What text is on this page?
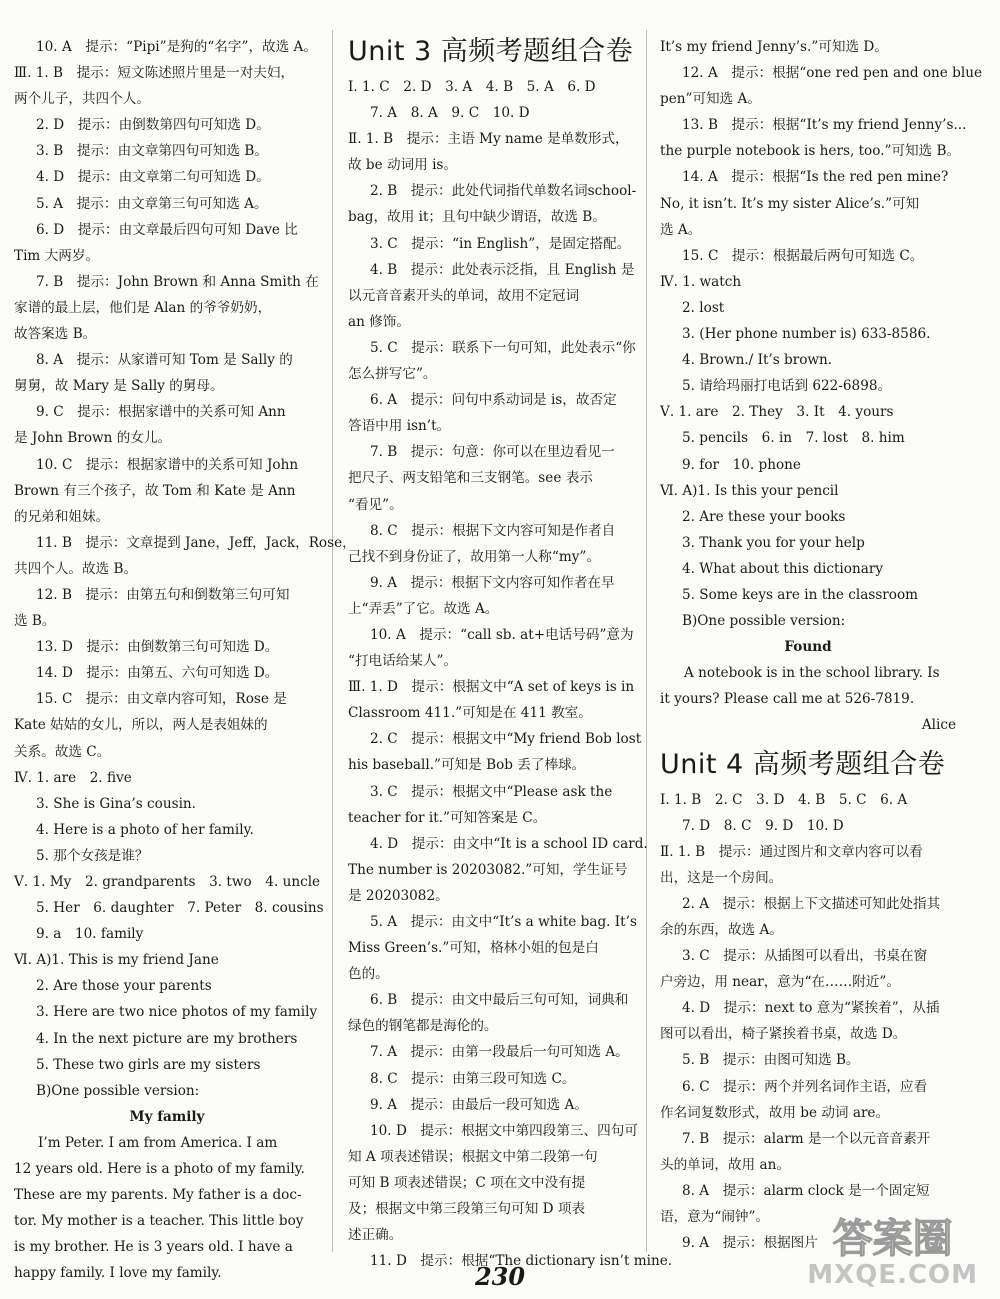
10. A　提示：“Pipi”是狗的“名字”，故选 A。
Ⅲ. 1. B　提示：短文陈述照片里是一对夫妇，
两个儿子，共四个人。
2. D　提示：由倒数第四句可知选 D。
3. B　提示：由文章第四句可知选 B。
4. D　提示：由文章第二句可知选 D。
5. A　提示：由文章第三句可知选 A。
6. D　提示：由文章最后四句可知 Dave 比
Tim 大两岁。
7. B　提示：John Brown 和 Anna Smith 在
家谱的最上层，他们是 Alan 的爷爷奶奶，
故答案选 B。
8. A　提示：从家谱可知 Tom 是 Sally 的
舅舅，故 Mary 是 Sally 的舅母。
9. C　提示：根据家谱中的关系可知 Ann
是 John Brown 的女儿。
10. C　提示：根据家谱中的关系可知 John
Brown 有三个孩子，故 Tom 和 Kate 是 Ann
的兄弟和姐妹。
11. B　提示：文章提到 Jane，Jeff，Jack，Rose，
共四个人。故选 B。
12. B　提示：由第五句和倒数第三句可知
选 B。
13. D　提示：由倒数第三句可知选 D。
14. D　提示：由第五、六句可知选 D。
15. C　提示：由文章内容可知，Rose 是
Kate 姑姑的女儿，所以，两人是表姐妹的
关系。故选 C。
Ⅳ. 1. are　2. five
3. She is Gina’s cousin.
4. Here is a photo of her family.
5. 那个女孩是谁？
Ⅴ. 1. My　2. grandparents　3. two　4. uncle
5. Her　6. daughter　7. Peter　8. cousins
9. a　10. family
Ⅵ. A)1. This is my friend Jane
2. Are those your parents
3. Here are two nice photos of my family
4. In the next picture are my brothers
5. These two girls are my sisters
B)One possible version:
My family
I’m Peter. I am from America. I am
12 years old. Here is a photo of my family.
These are my parents. My father is a doc-
tor. My mother is a teacher. This little boy
is my brother. He is 3 years old. I have a
happy family. I love my family.
Unit 3 高频考题组合卷
Ⅰ. 1. C　2. D　3. A　4. B　5. A　6. D
7. A　8. A　9. C　10. D
Ⅱ. 1. B　提示：主语 My name 是单数形式，
故 be 动词用 is。
2. B　提示：此处代词指代单数名词school-
bag，故用 it；且句中缺少谓语，故选 B。
3. C　提示：“in English”，是固定搭配。
4. B　提示：此处表示泛指，且 English 是
以元音音素开头的单词，故用不定冠词
an 修饰。
5. C　提示：联系下一句可知，此处表示“你
怎么拼写它”。
6. A　提示：问句中系动词是 is，故否定
答语中用 isn’t。
7. B　提示：句意：你可以在里边看见一
把尺子、两支铅笔和三支钢笔。see 表示
“看见”。
8. C　提示：根据下文内容可知是作者自
己找不到身份证了，故用第一人称“my”。
9. A　提示：根据下文内容可知作者在早
上“弄丢”了它。故选 A。
10. A　提示：“call sb. at+电话号码”意为
“打电话给某人”。
Ⅲ. 1. D　提示：根据文中“A set of keys is in
Classroom 411.”可知是在 411 教室。
2. C　提示：根据文中“My friend Bob lost
his baseball.”可知是 Bob 丢了棒球。
3. C　提示：根据文中“Please ask the
teacher for it.”可知答案是 C。
4. D　提示：由文中“It is a school ID card.
The number is 20203082.”可知，学生证号
是 20203082。
5. A　提示：由文中“It’s a white bag. It’s
Miss Green’s.”可知，格林小姐的包是白
色的。
6. B　提示：由文中最后三句可知，词典和
绿色的钢笔都是海伦的。
7. A　提示：由第一段最后一句可知选 A。
8. C　提示：由第三段可知选 C。
9. A　提示：由最后一段可知选 A。
10. D　提示：根据文中第四段第三、四句可
知 A 项表述错误；根据文中第二段第一句
可知 B 项表述错误；C 项在文中没有提
及；根据文中第三段第三句可知 D 项表
述正确。
11. D　提示：根据“The dictionary isn’t mine.
It’s my friend Jenny’s.”可知选 D。
12. A　提示：根据“one red pen and one blue
pen”可知选 A。
13. B　提示：根据“It’s my friend Jenny’s...
the purple notebook is hers, too.”可知选 B。
14. A　提示：根据“Is the red pen mine?
No, it isn’t. It’s my sister Alice’s.”可知
选 A。
15. C　提示：根据最后两句可知选 C。
Ⅳ. 1. watch
2. lost
3. (Her phone number is) 633-8586.
4. Brown./ It’s brown.
5. 请给玛丽打电话到 622-6898。
Ⅴ. 1. are　2. They　3. It　4. yours
5. pencils　6. in　7. lost　8. him
9. for　10. phone
Ⅵ. A)1. Is this your pencil
2. Are these your books
3. Thank you for your help
4. What about this dictionary
5. Some keys are in the classroom
B)One possible version:
Found
A notebook is in the school library. Is
it yours? Please call me at 526-7819.
Alice
Unit 4 高频考题组合卷
Ⅰ. 1. B　2. C　3. D　4. B　5. C　6. A
7. D　8. C　9. D　10. D
Ⅱ. 1. B　提示：通过图片和文章内容可以看
出，这是一个房间。
2. A　提示：根据上下文描述可知此处指其
余的东西，故选 A。
3. C　提示：从插图可以看出，书桌在窗
户旁边，用 near，意为“在……附近”。
4. D　提示：next to 意为“紧挨着”，从插
图可以看出，椅子紧挨着书桌，故选 D。
5. B　提示：由图可知选 B。
6. C　提示：两个并列名词作主语，应看
作名词复数形式，故用 be 动词 are。
7. B　提示：alarm 是一个以元音音素开
头的单词，故用 an。
8. A　提示：alarm clock 是一个固定短
语，意为“闹钟”。
9. A　提示：根据图片
230
答案圈
MXQE.COM
